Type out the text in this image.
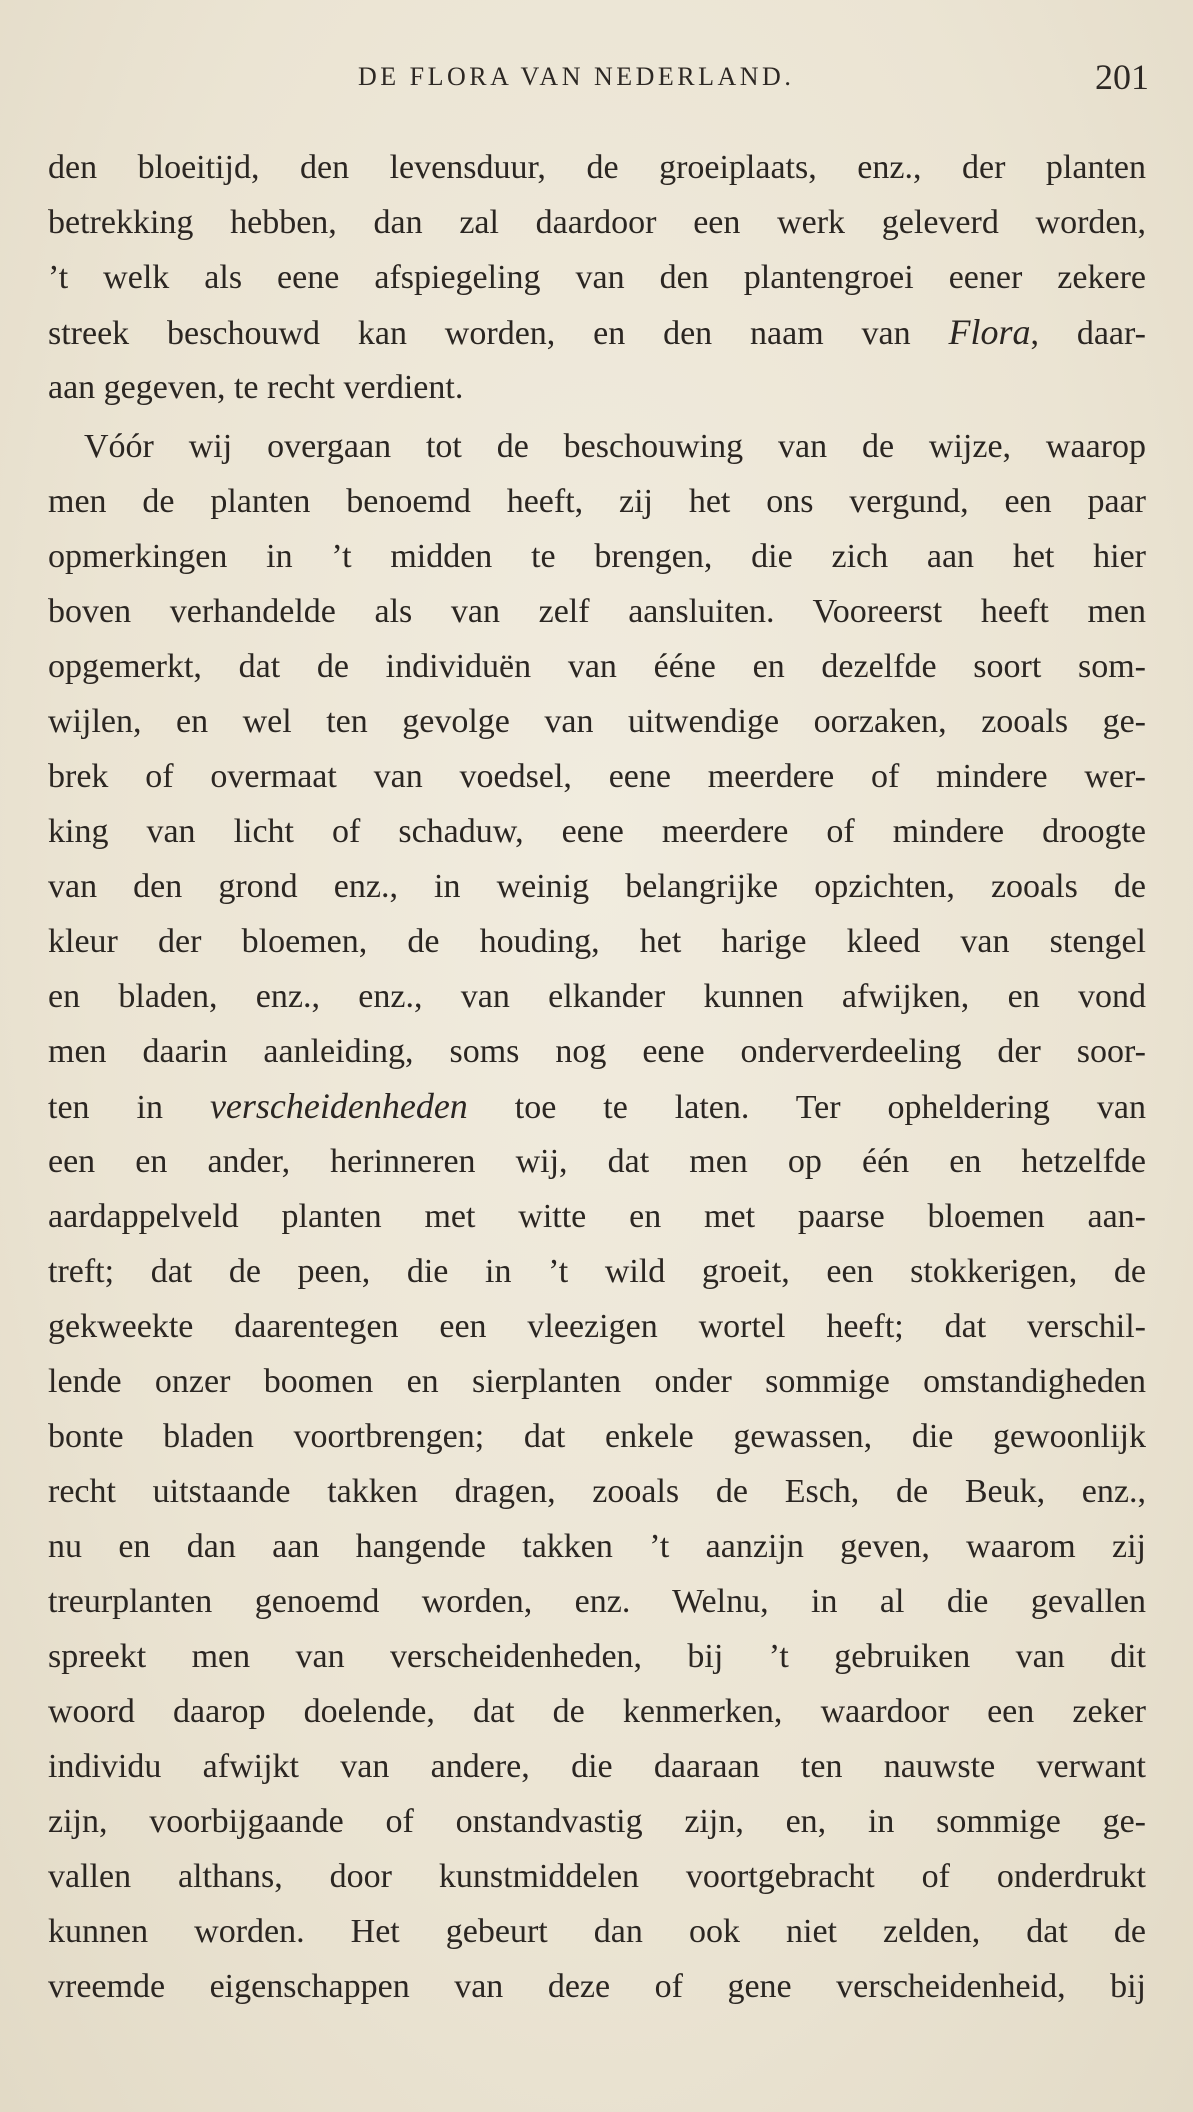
DE FLORA VAN NEDERLAND.	201
den bloeitijd, den levensduur, de groeiplaats, enz., der planten
betrekking hebben, dan zal daardoor een werk geleverd worden,
’t welk als eene afspiegeling van den plantengroei eener zekere
streek beschouwd kan worden, en den naam van Flora, daar-
aan gegeven, te recht verdient.
Vóór wij overgaan tot de beschouwing van de wijze, waarop
men de planten benoemd heeft, zij het ons vergund, een paar
opmerkingen in ’t midden te brengen, die zich aan het hier
boven verhandelde als van zelf aansluiten. Vooreerst heeft men
opgemerkt, dat de individuën van ééne en dezelfde soort som-
wijlen, en wel ten gevolge van uitwendige oorzaken, zooals ge-
brek of overmaat van voedsel, eene meerdere of mindere wer-
king van licht of schaduw, eene meerdere of mindere droogte
van den grond enz., in weinig belangrijke opzichten, zooals de
kleur der bloemen, de houding, het harige kleed van stengel
en bladen, enz., enz., van elkander kunnen afwijken, en vond
men daarin aanleiding, soms nog eene onderverdeeling der soor-
ten in verscheidenheden toe te laten. Ter opheldering van
een en ander, herinneren wij, dat men op één en hetzelfde
aardappelveld planten met witte en met paarse bloemen aan-
treft; dat de peen, die in ’t wild groeit, een stokkerigen, de
gekweekte daarentegen een vleezigen wortel heeft; dat verschil-
lende onzer boomen en sierplanten onder sommige omstandigheden
bonte bladen voortbrengen; dat enkele gewassen, die gewoonlijk
recht uitstaande takken dragen, zooals de Esch, de Beuk, enz.,
nu en dan aan hangende takken ’t aanzijn geven, waarom zij
treurplanten genoemd worden, enz. Welnu, in al die gevallen
spreekt men van verscheidenheden, bij ’t gebruiken van dit
woord daarop doelende, dat de kenmerken, waardoor een zeker
individu afwijkt van andere, die daaraan ten nauwste verwant
zijn, voorbijgaande of onstandvastig zijn, en, in sommige ge-
vallen althans, door kunstmiddelen voortgebracht of onderdrukt
kunnen worden. Het gebeurt dan ook niet zelden, dat de
vreemde eigenschappen van deze of gene verscheidenheid, bij
